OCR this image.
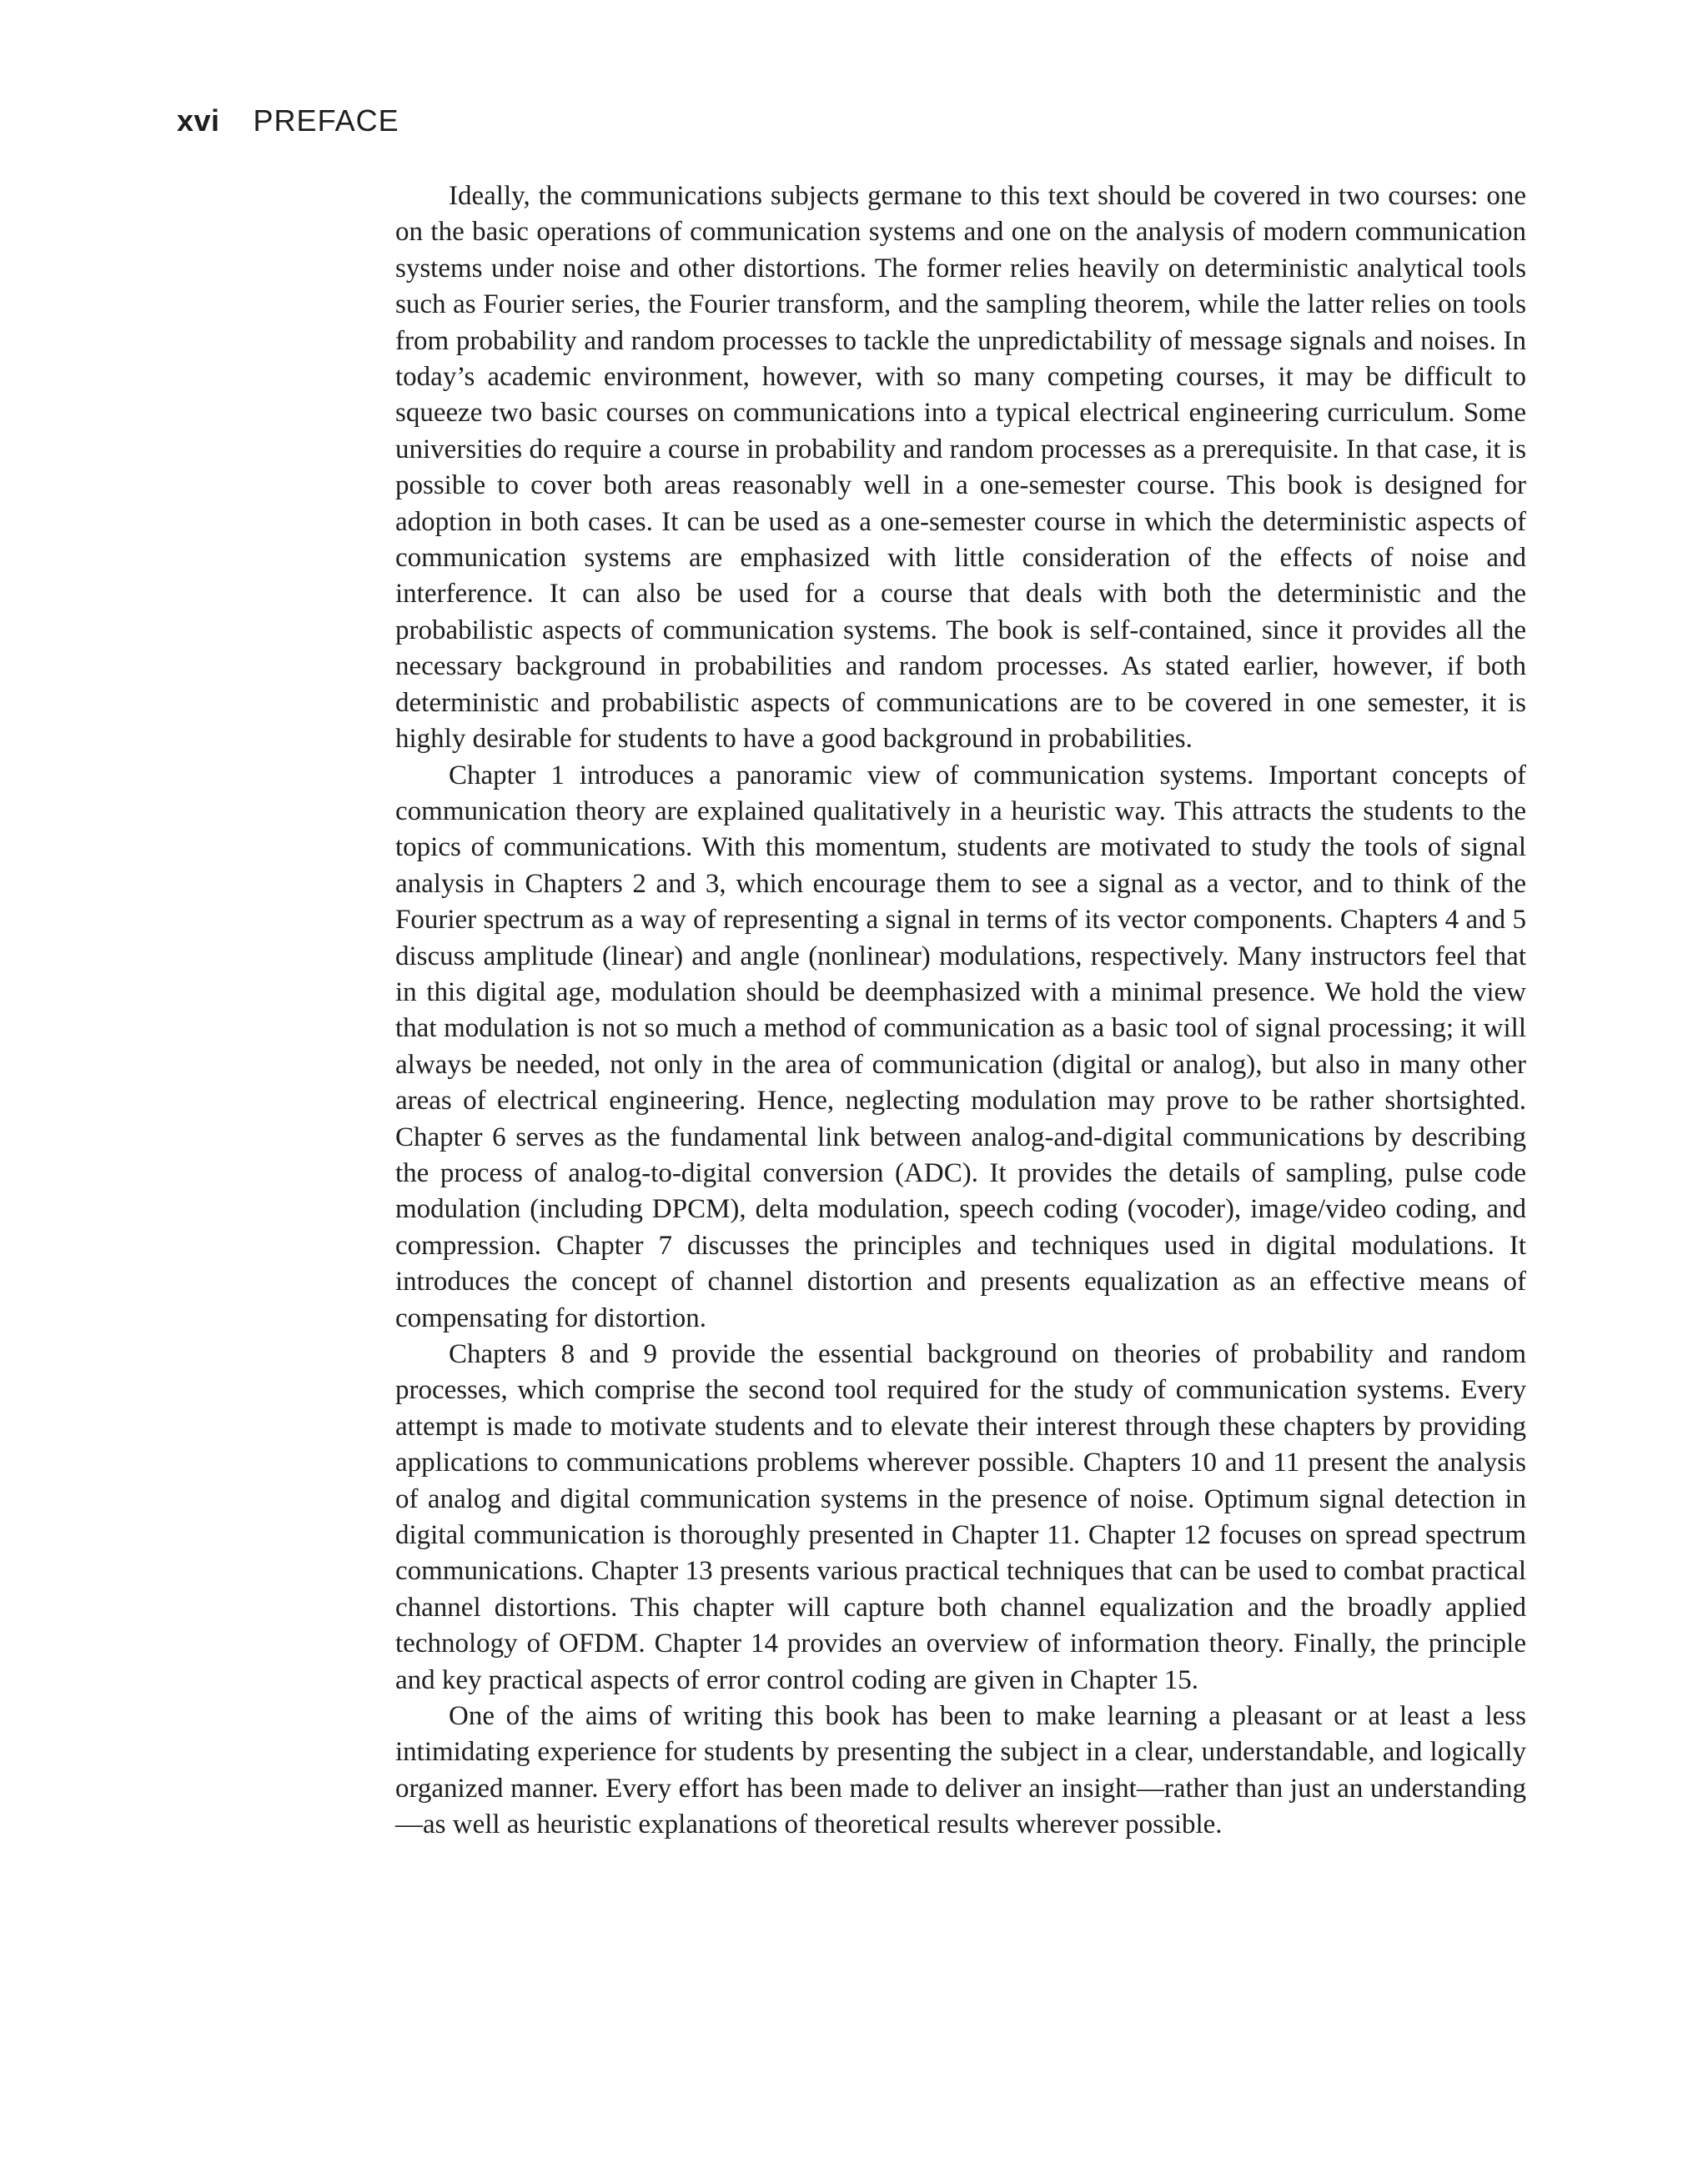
xvi PREFACE

Ideally, the communications subjects germane to this text should be covered in two courses: one on the basic operations of communication systems and one on the analysis of modern communication systems under noise and other distortions. The former relies heavily on deterministic analytical tools such as Fourier series, the Fourier transform, and the sampling theorem, while the latter relies on tools from probability and random processes to tackle the unpredictability of message signals and noises. In today’s academic environment, however, with so many competing courses, it may be difficult to squeeze two basic courses on communications into a typical electrical engineering curriculum. Some universities do require a course in probability and random processes as a prerequisite. In that case, it is possible to cover both areas reasonably well in a one-semester course. This book is designed for adoption in both cases. It can be used as a one-semester course in which the deterministic aspects of communication systems are emphasized with little consideration of the effects of noise and interference. It can also be used for a course that deals with both the deterministic and the probabilistic aspects of communication systems. The book is self-contained, since it provides all the necessary background in probabilities and random processes. As stated earlier, however, if both deterministic and probabilistic aspects of communications are to be covered in one semester, it is highly desirable for students to have a good background in probabilities.

Chapter 1 introduces a panoramic view of communication systems. Important concepts of communication theory are explained qualitatively in a heuristic way. This attracts the students to the topics of communications. With this momentum, students are motivated to study the tools of signal analysis in Chapters 2 and 3, which encourage them to see a signal as a vector, and to think of the Fourier spectrum as a way of representing a signal in terms of its vector components. Chapters 4 and 5 discuss amplitude (linear) and angle (nonlinear) modulations, respectively. Many instructors feel that in this digital age, modulation should be deemphasized with a minimal presence. We hold the view that modulation is not so much a method of communication as a basic tool of signal processing; it will always be needed, not only in the area of communication (digital or analog), but also in many other areas of electrical engineering. Hence, neglecting modulation may prove to be rather shortsighted. Chapter 6 serves as the fundamental link between analog-and-digital communications by describing the process of analog-to-digital conversion (ADC). It provides the details of sampling, pulse code modulation (including DPCM), delta modulation, speech coding (vocoder), image/video coding, and compression. Chapter 7 discusses the principles and techniques used in digital modulations. It introduces the concept of channel distortion and presents equalization as an effective means of compensating for distortion.

Chapters 8 and 9 provide the essential background on theories of probability and random processes, which comprise the second tool required for the study of communication systems. Every attempt is made to motivate students and to elevate their interest through these chapters by providing applications to communications problems wherever possible. Chapters 10 and 11 present the analysis of analog and digital communication systems in the presence of noise. Optimum signal detection in digital communication is thoroughly presented in Chapter 11. Chapter 12 focuses on spread spectrum communications. Chapter 13 presents various practical techniques that can be used to combat practical channel distortions. This chapter will capture both channel equalization and the broadly applied technology of OFDM. Chapter 14 provides an overview of information theory. Finally, the principle and key practical aspects of error control coding are given in Chapter 15.

One of the aims of writing this book has been to make learning a pleasant or at least a less intimidating experience for students by presenting the subject in a clear, understandable, and logically organized manner. Every effort has been made to deliver an insight—rather than just an understanding—as well as heuristic explanations of theoretical results wherever possible.
